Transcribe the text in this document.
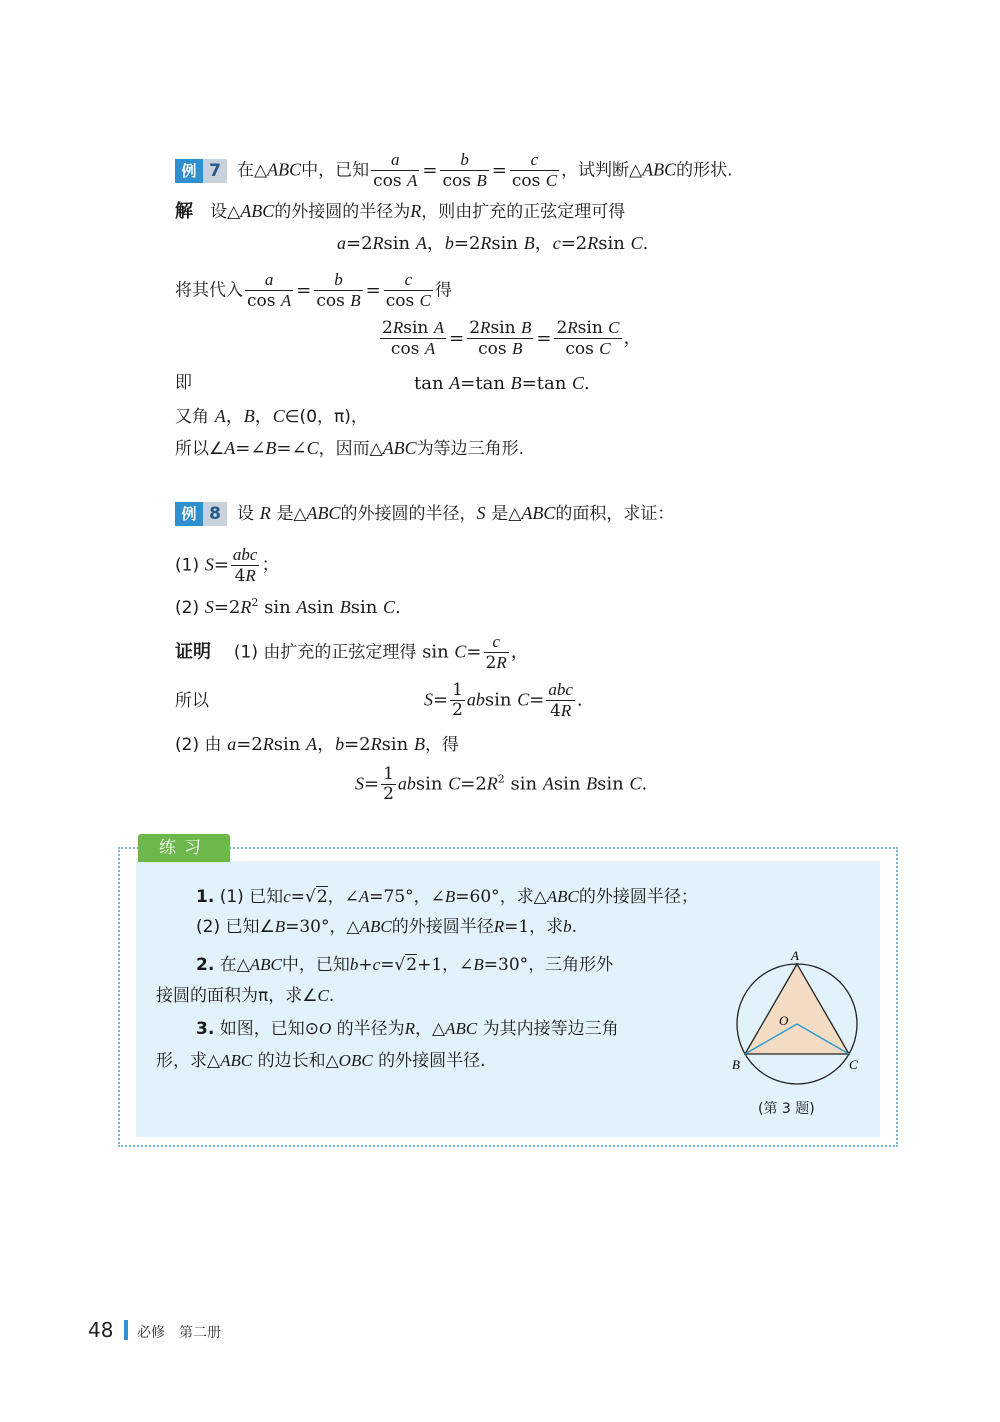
例 7 在△ABC中，已知 $\frac{a}{\text{cos A}} = \frac{b}{\text{cos B}} = \frac{c}{\text{cos C}}$ ，试判断△ABC的形状.
解 设△ABC的外接圆的半径为R，则由扩充的正弦定理可得
a=2Rsin A，b=2Rsin B，c=2Rsin C.
将其代入 $\frac{a}{\text{cos A}} = \frac{b}{\text{cos B}} = \frac{c}{\text{cos C}}$ 得
$\frac{\text{2Rsin A}}{\text{cos A}} = \frac{\text{2Rsin B}}{\text{cos B}} = \frac{\text{2Rsin C}}{\text{cos C}}$ ，
即	tan A=tan B=tan C.
又角 A，B，C∈(0，π)，
所以∠A=∠B=∠C，因而△ABC为等边三角形.
例 8 设 R 是△ABC的外接圆的半径，S 是△ABC的面积，求证：
(1) $S= \frac{\text{abc}}{4R}$ ；
(2) $S=2R^2$ sin Asin Bsin C.
证明 (1) 由扩充的正弦定理得 $\sin C= \frac{c}{2R}$ ，
所以	$S= \frac{1}{2}$ absin $C= \frac{\text{abc}}{4R}$ .
(2) 由 a=2Rsin A，b=2Rsin B，得
$S= \frac{1}{2}$ absin $C=2R^2$ sin Asin Bsin C.
练习
1. (1) 已知c=√2，∠A=75°，∠B=60°，求△ABC的外接圆半径；
(2) 已知∠B=30°，△ABC的外接圆半径R=1，求b.
2. 在△ABC中，已知b+c=√2+1，∠B=30°，三角形外
接圆的面积为π，求∠C.
3. 如图，已知⊙O 的半径为R，△ABC 为其内接等边三角
形，求△ABC 的边长和△OBC 的外接圆半径.
A
B	C
O
(第 3 题)
48 必修　第二册
